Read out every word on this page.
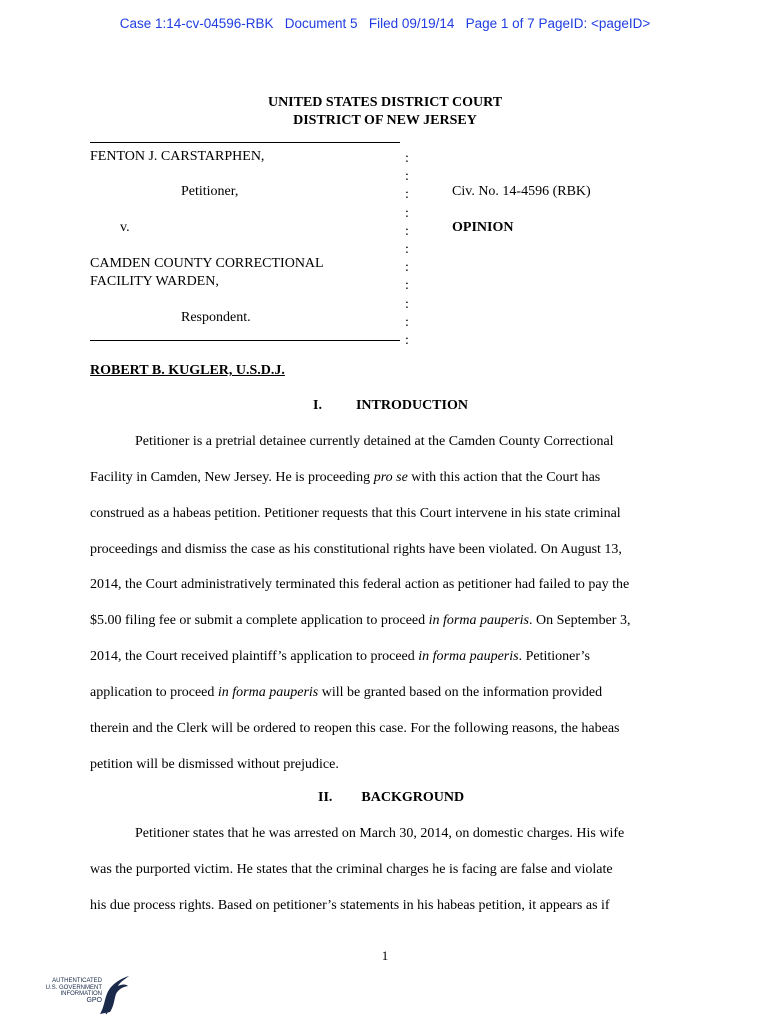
Case 1:14-cv-04596-RBK   Document 5   Filed 09/19/14   Page 1 of 7 PageID: <pageID>
UNITED STATES DISTRICT COURT
DISTRICT OF NEW JERSEY
FENTON J. CARSTARPHEN,
Petitioner,
v.
CAMDEN COUNTY CORRECTIONAL
FACILITY WARDEN,
Respondent.
:
:
:
:
:
:
:
:
:
:
:
Civ. No. 14-4596 (RBK)
OPINION
ROBERT B. KUGLER, U.S.D.J.
I. INTRODUCTION
Petitioner is a pretrial detainee currently detained at the Camden County Correctional
Facility in Camden, New Jersey. He is proceeding pro se with this action that the Court has
construed as a habeas petition. Petitioner requests that this Court intervene in his state criminal
proceedings and dismiss the case as his constitutional rights have been violated. On August 13,
2014, the Court administratively terminated this federal action as petitioner had failed to pay the
$5.00 filing fee or submit a complete application to proceed in forma pauperis. On September 3,
2014, the Court received plaintiff’s application to proceed in forma pauperis. Petitioner’s
application to proceed in forma pauperis will be granted based on the information provided
therein and the Clerk will be ordered to reopen this case. For the following reasons, the habeas
petition will be dismissed without prejudice.
II. BACKGROUND
Petitioner states that he was arrested on March 30, 2014, on domestic charges. His wife
was the purported victim. He states that the criminal charges he is facing are false and violate
his due process rights. Based on petitioner’s statements in his habeas petition, it appears as if
1
AUTHENTICATED
U.S. GOVERNMENT
INFORMATION
GPO
